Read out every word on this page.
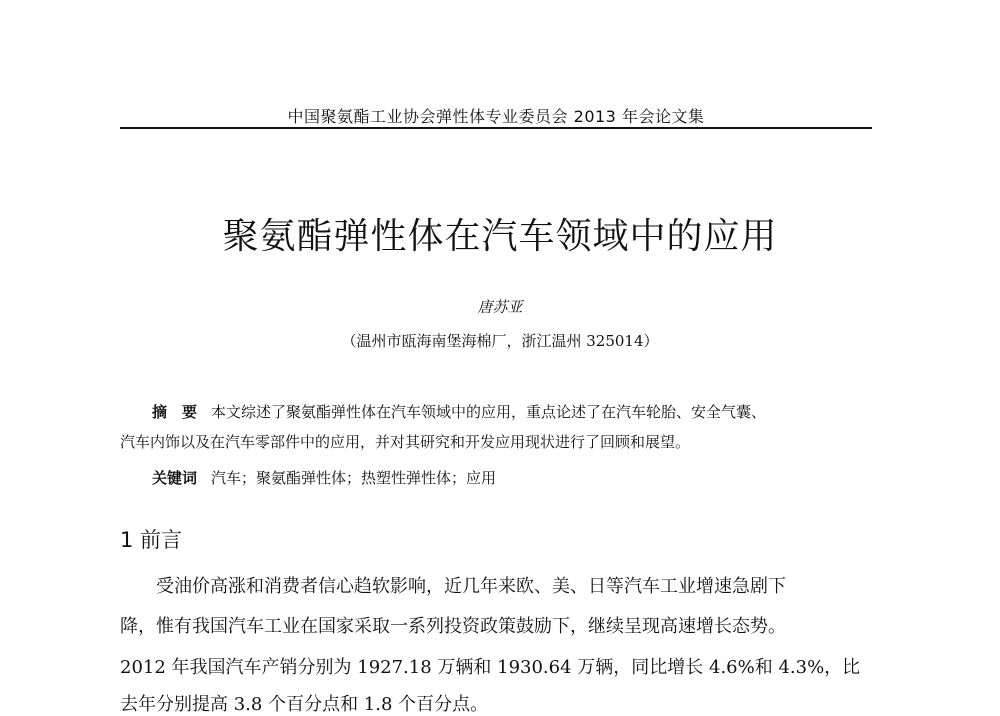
中国聚氨酯工业协会弹性体专业委员会 2013 年会论文集
聚氨酯弹性体在汽车领域中的应用
唐苏亚
（温州市瓯海南堡海棉厂，浙江温州 325014）
摘　要 本文综述了聚氨酯弹性体在汽车领域中的应用，重点论述了在汽车轮胎、安全气囊、
汽车内饰以及在汽车零部件中的应用，并对其研究和开发应用现状进行了回顾和展望。
关键词 汽车；聚氨酯弹性体；热塑性弹性体；应用
1 前言
受油价高涨和消费者信心趋软影响，近几年来欧、美、日等汽车工业增速急剧下
降，惟有我国汽车工业在国家采取一系列投资政策鼓励下，继续呈现高速增长态势。
2012 年我国汽车产销分别为 1927.18 万辆和 1930.64 万辆，同比增长 4.6%和 4.3%，比
去年分别提高 3.8 个百分点和 1.8 个百分点。
